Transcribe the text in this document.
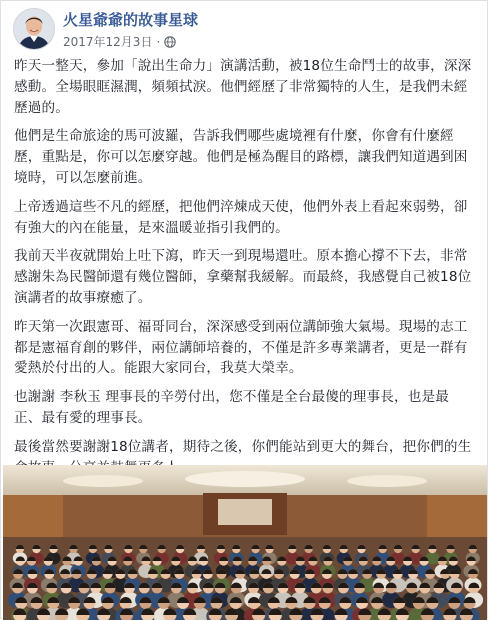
火星爺爺的故事星球
2017年12月3日 ·

昨天一整天，參加「說出生命力」演講活動，被18位生命鬥士的故事，深深感動。全場眼眶濕潤，頻頻拭淚。他們經歷了非常獨特的人生，是我們未經歷過的。

他們是生命旅途的馬可波羅，告訴我們哪些處境裡有什麼，你會有什麼經歷，重點是，你可以怎麼穿越。他們是極為醒目的路標，讓我們知道遇到困境時，可以怎麼前進。

上帝透過這些不凡的經歷，把他們淬煉成天使，他們外表上看起來弱勢，卻有強大的內在能量，是來溫暖並指引我們的。

我前天半夜就開始上吐下瀉，昨天一到現場還吐。原本擔心撐不下去，非常感謝朱為民醫師還有幾位醫師，拿藥幫我緩解。而最終，我感覺自己被18位演講者的故事療癒了。

昨天第一次跟憲哥、福哥同台，深深感受到兩位講師強大氣場。現場的志工都是憲福育創的夥伴，兩位講師培養的，不僅是許多專業講者，更是一群有愛熱於付出的人。能跟大家同台，我莫大榮幸。

也謝謝 李秋玉 理事長的辛勞付出，您不僅是全台最傻的理事長，也是最正、最有愛的理事長。

最後當然要謝謝18位講者，期待之後，你們能站到更大的舞台，把你們的生
